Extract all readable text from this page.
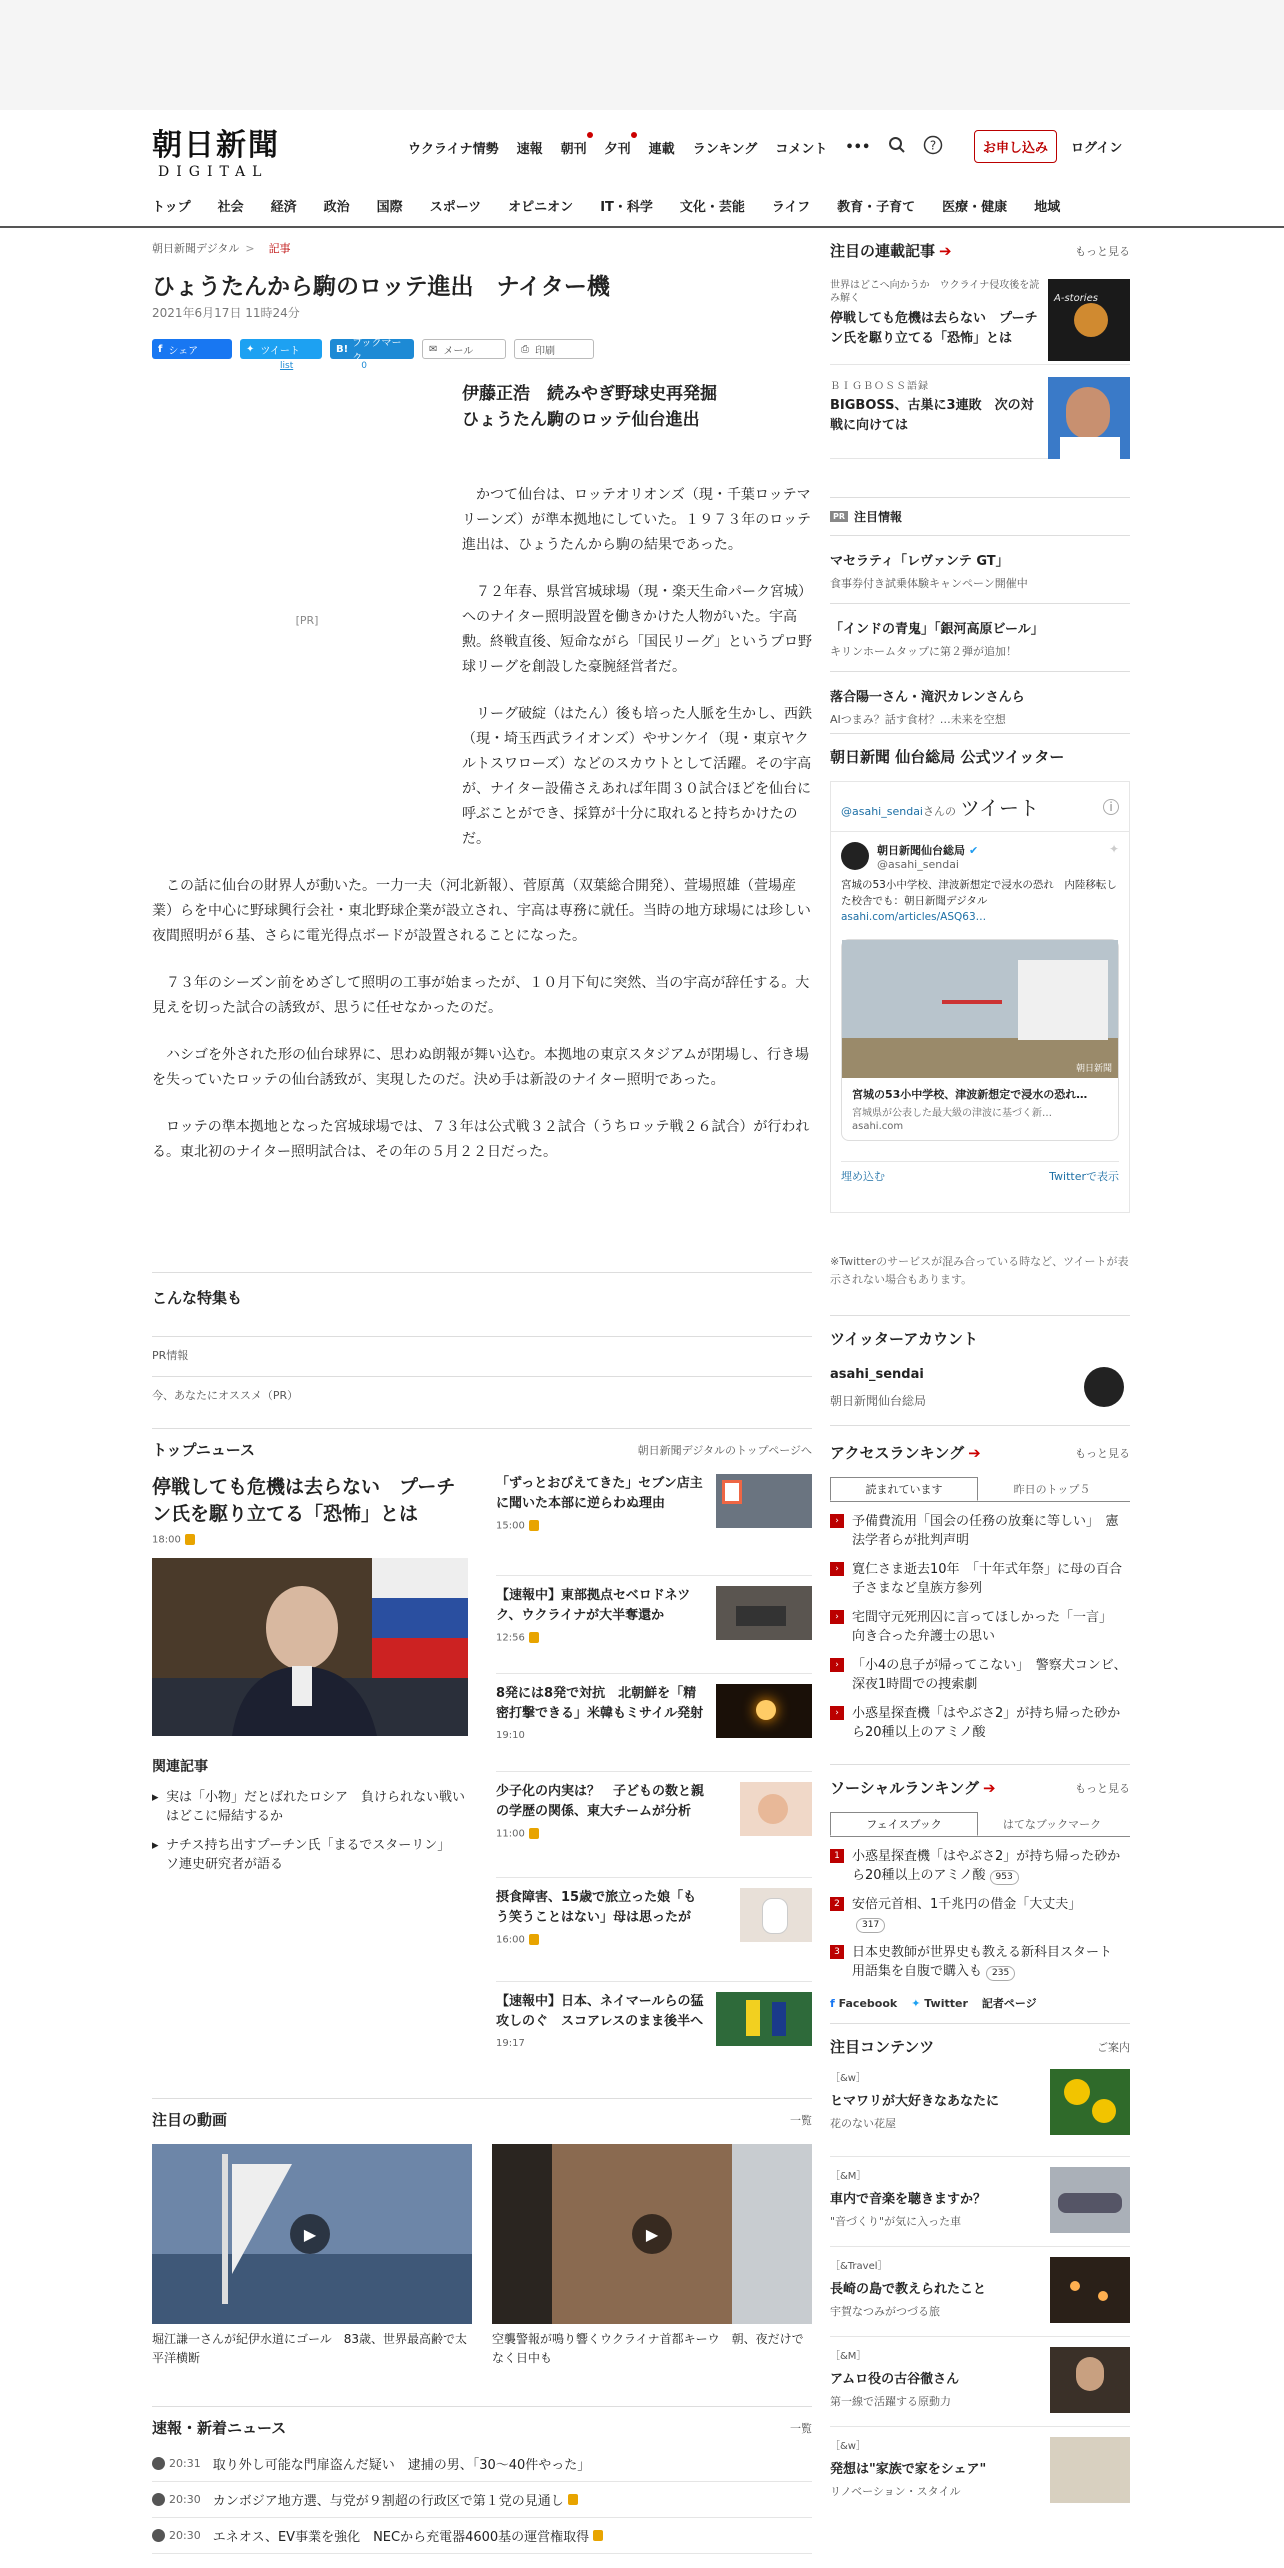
朝日新聞
DIGITAL
ウクライナ情勢 速報 朝刊 夕刊 連載 ランキング コメント •••	?	お申し込み	ログイン
トップ 社会 経済 政治 国際 スポーツ オピニオン IT・科学 文化・芸能 ライフ 教育・子育て 医療・健康 地域
朝日新聞デジタル > 記事
ひょうたんから駒のロッテ進出　ナイター機
2021年6月17日 11時24分
f シェア	✦ ツイート	B! ブックマーク
✉ メール	⎙ 印刷
list	0
[PR]
伊藤正浩　続みやぎ野球史再発掘
ひょうたん駒のロッテ仙台進出

かつて仙台は、ロッテオリオンズ（現・千葉ロッテマリーンズ）が準本拠地にしていた。１９７３年のロッテ進出は、ひょうたんから駒の結果であった。

７２年春、県営宮城球場（現・楽天生命パーク宮城）へのナイター照明設置を働きかけた人物がいた。宇高勲。終戦直後、短命ながら「国民リーグ」というプロ野球リーグを創設した豪腕経営者だ。

リーグ破綻（はたん）後も培った人脈を生かし、西鉄（現・埼玉西武ライオンズ）やサンケイ（現・東京ヤクルトスワローズ）などのスカウトとして活躍。その宇高が、ナイター設備さえあれば年間３０試合ほどを仙台に呼ぶことができ、採算が十分に取れると持ちかけたのだ。

この話に仙台の財界人が動いた。一力一夫（河北新報）、菅原萬（双葉総合開発）、萱場照雄（萱場産業）らを中心に野球興行会社・東北野球企業が設立され、宇高は専務に就任。当時の地方球場には珍しい夜間照明が６基、さらに電光得点ボードが設置されることになった。

７３年のシーズン前をめざして照明の工事が始まったが、１０月下旬に突然、当の宇高が辞任する。大見えを切った試合の誘致が、思うに任せなかったのだ。

ハシゴを外された形の仙台球界に、思わぬ朗報が舞い込む。本拠地の東京スタジアムが閉場し、行き場を失っていたロッテの仙台誘致が、実現したのだ。決め手は新設のナイター照明であった。

ロッテの準本拠地となった宮城球場では、７３年は公式戦３２試合（うちロッテ戦２６試合）が行われる。東北初のナイター照明試合は、その年の５月２２日だった。

こんな特集も
PR情報
今、あなたにオススメ（PR）
トップニュース	朝日新聞デジタルのトップページへ
停戦しても危機は去らない　プーチン氏を駆り立てる「恐怖」とは
18:00
関連記事
▸ 実は「小物」だとばれたロシア　負けられない戦いはどこに帰結するか
▸ ナチス持ち出すプーチン氏「まるでスターリン」　ソ連史研究者が語る
「ずっとおびえてきた」セブン店主に聞いた本部に逆らわぬ理由
15:00
【速報中】東部拠点セベロドネツク、ウクライナが大半奪還か
12:56
8発には8発で対抗　北朝鮮を「精密打撃できる」米韓もミサイル発射
19:10
少子化の内実は？　子どもの数と親の学歴の関係、東大チームが分析
11:00
摂食障害、15歳で旅立った娘「もう笑うことはない」母は思ったが
16:00
【速報中】日本、ネイマールらの猛攻しのぐ　スコアレスのまま後半へ
19:17
注目の動画	一覧
▶
堀江謙一さんが紀伊水道にゴール　83歳、世界最高齢で太平洋横断
▶
空襲警報が鳴り響くウクライナ首都キーウ　朝、夜だけでなく日中も
速報・新着ニュース	一覧
20:31 取り外し可能な門扉盗んだ疑い　逮捕の男、「30～40件やった」
20:30 カンボジア地方選、与党が９割超の行政区で第１党の見通し
20:30 エネオス、EV事業を強化　NECから充電器4600基の運営権取得
注目の連載記事 ➔	もっと見る
世界はどこへ向かうか　ウクライナ侵攻後を読み解く
停戦しても危機は去らない　プーチン氏を駆り立てる「恐怖」とは
A-stories
ＢＩＧＢＯＳＳ語録
BIGBOSS、古巣に3連敗　次の対戦に向けては
PR 注目情報
マセラティ「レヴァンテ GT」
食事券付き試乗体験キャンペーン開催中
「インドの青鬼」「銀河高原ビール」
キリンホームタップに第２弾が追加！
落合陽一さん・滝沢カレンさんら
AIつまみ？話す食材？…未来を空想
朝日新聞 仙台総局 公式ツイッター
@asahi_sendaiさんの ツイート	i
朝日新聞仙台総局 ✔	✦
@asahi_sendai
宮城の53小中学校、津波新想定で浸水の恐れ　内陸移転した校舎でも：朝日新聞デジタル
asahi.com/articles/ASQ63…
朝日新聞
宮城の53小中学校、津波新想定で浸水の恐れ…
宮城県が公表した最大級の津波に基づく新…
asahi.com
埋め込む	Twitterで表示
※Twitterのサービスが混み合っている時など、ツイートが表示されない場合もあります。
ツイッターアカウント
asahi_sendai
朝日新聞仙台総局
アクセスランキング ➔	もっと見る
読まれています	昨日のトップ５
›	予備費流用「国会の任務の放棄に等しい」　憲法学者らが批判声明
›	寛仁さま逝去10年　「十年式年祭」に母の百合子さまなど皇族方参列
›	宅間守元死刑囚に言ってほしかった「一言」　向き合った弁護士の思い
›	「小4の息子が帰ってこない」　警察犬コンビ、深夜1時間での捜索劇
›	小惑星探査機「はやぶさ2」が持ち帰った砂から20種以上のアミノ酸
ソーシャルランキング ➔	もっと見る
フェイスブック	はてなブックマーク
1 小惑星探査機「はやぶさ2」が持ち帰った砂から20種以上のアミノ酸 953
2 安倍元首相、1千兆円の借金「大丈夫」
317
3 日本史教師が世界史も教える新科目スタート　用語集を自腹で購入も 235
f Facebook ✦ Twitter 記者ページ
注目コンテンツ	ご案内
［&w］
ヒマワリが大好きなあなたに
花のない花屋
［&M］
車内で音楽を聴きますか？
"音づくり"が気に入った車
［&Travel］
長崎の島で教えられたこと
宇賀なつみがつづる旅
［&M］
アムロ役の古谷徹さん
第一線で活躍する原動力
［&w］
発想は"家族で家をシェア"
リノベーション・スタイル
